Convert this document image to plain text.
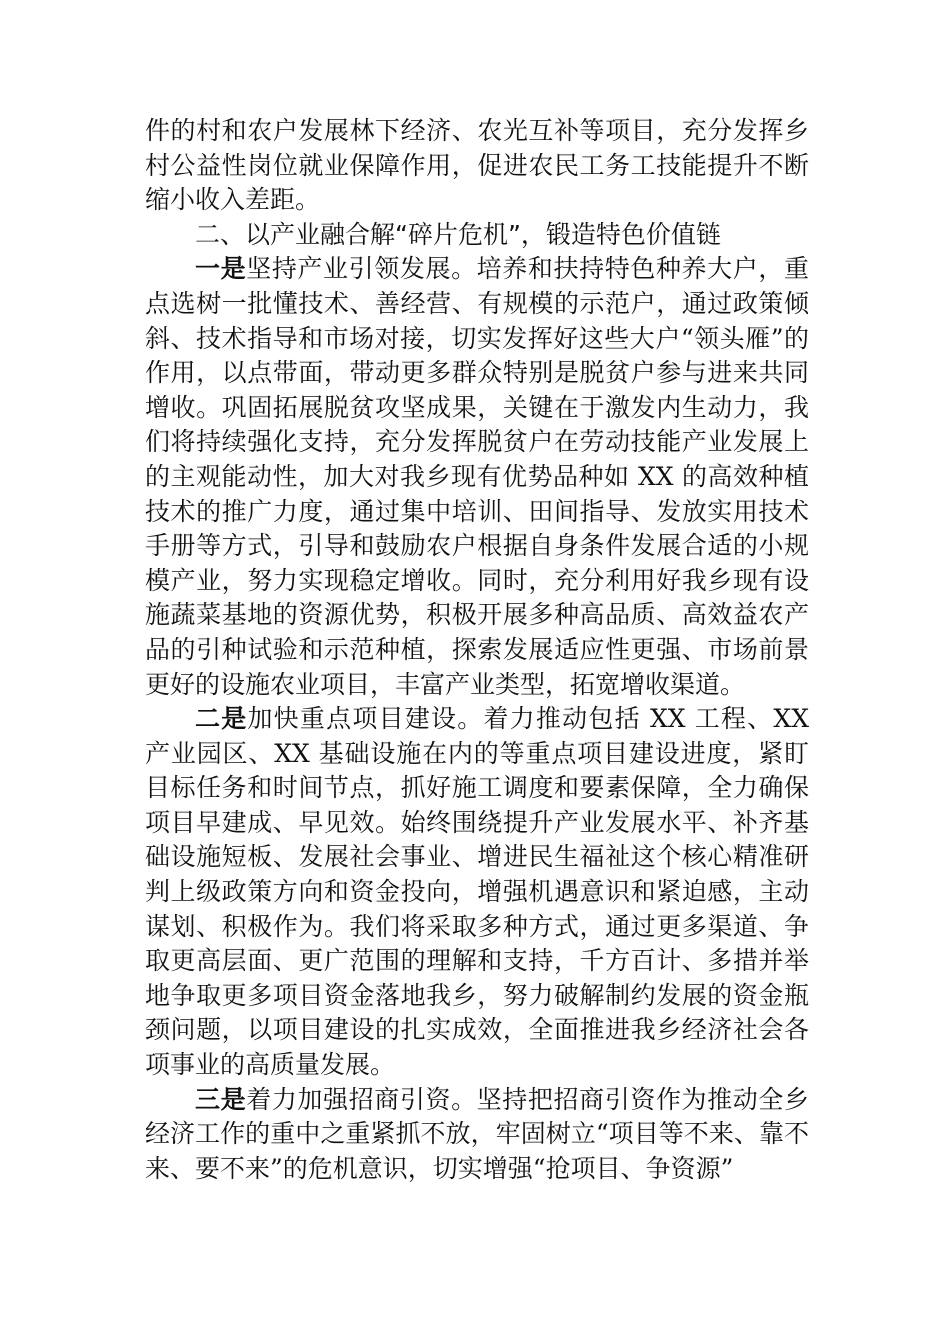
件的村和农户发展林下经济、农光互补等项目，充分发挥乡村公益性岗位就业保障作用，促进农民工务工技能提升不断缩小收入差距。

二、以产业融合解“碎片危机”，锻造特色价值链

一是坚持产业引领发展。培养和扶持特色种养大户，重点选树一批懂技术、善经营、有规模的示范户，通过政策倾斜、技术指导和市场对接，切实发挥好这些大户“领头雁”的作用，以点带面，带动更多群众特别是脱贫户参与进来共同增收。巩固拓展脱贫攻坚成果，关键在于激发内生动力，我们将持续强化支持，充分发挥脱贫户在劳动技能产业发展上的主观能动性，加大对我乡现有优势品种如 XX 的高效种植技术的推广力度，通过集中培训、田间指导、发放实用技术手册等方式，引导和鼓励农户根据自身条件发展合适的小规模产业，努力实现稳定增收。同时，充分利用好我乡现有设施蔬菜基地的资源优势，积极开展多种高品质、高效益农产品的引种试验和示范种植，探索发展适应性更强、市场前景更好的设施农业项目，丰富产业类型，拓宽增收渠道。

二是加快重点项目建设。着力推动包括 XX 工程、XX 产业园区、XX 基础设施在内的等重点项目建设进度，紧盯目标任务和时间节点，抓好施工调度和要素保障，全力确保项目早建成、早见效。始终围绕提升产业发展水平、补齐基础设施短板、发展社会事业、增进民生福祉这个核心精准研判上级政策方向和资金投向，增强机遇意识和紧迫感，主动谋划、积极作为。我们将采取多种方式，通过更多渠道、争取更高层面、更广范围的理解和支持，千方百计、多措并举地争取更多项目资金落地我乡，努力破解制约发展的资金瓶颈问题，以项目建设的扎实成效，全面推进我乡经济社会各项事业的高质量发展。

三是着力加强招商引资。坚持把招商引资作为推动全乡经济工作的重中之重紧抓不放，牢固树立“项目等不来、靠不来、要不来”的危机意识，切实增强“抢项目、争资源”
